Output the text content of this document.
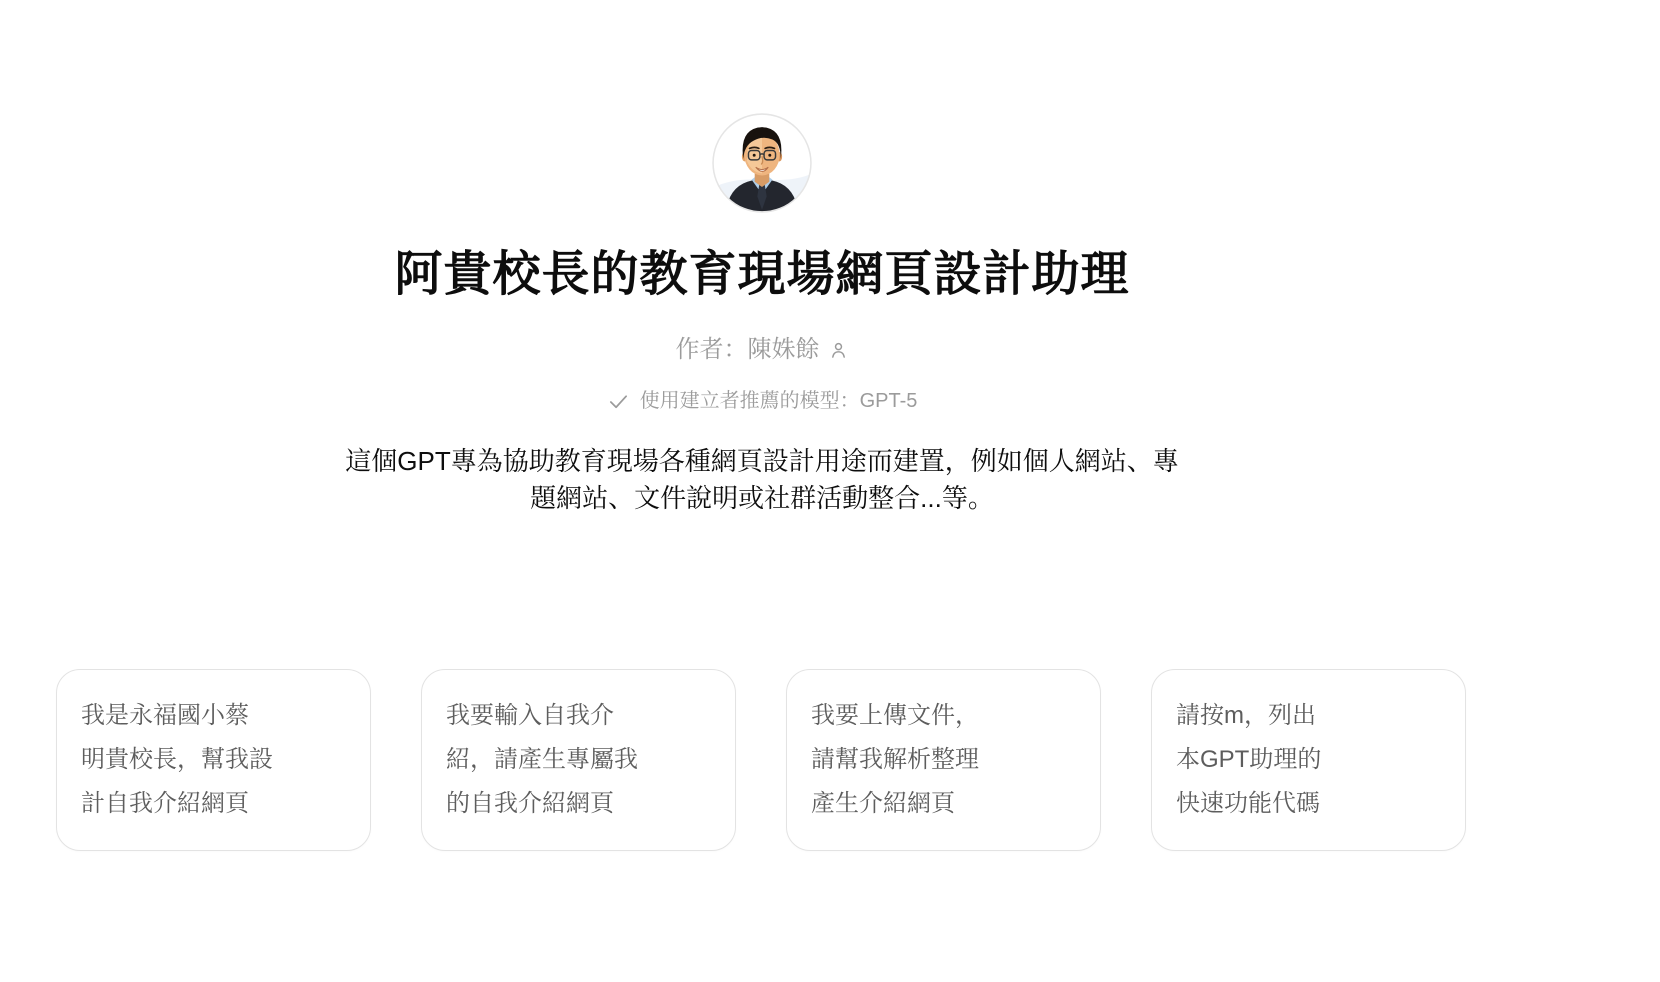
阿貴校長的教育現場網頁設計助理
作者：陳姝餘
使用建立者推薦的模型：GPT-5
這個GPT專為協助教育現場各種網頁設計用途而建置，例如個人網站、專
題網站、文件說明或社群活動整合...等。
我是永福國小蔡
明貴校長，幫我設
計自我介紹網頁
我要輸入自我介
紹，請產生專屬我
的自我介紹網頁
我要上傳文件，
請幫我解析整理
產生介紹網頁
請按m，列出
本GPT助理的
快速功能代碼
